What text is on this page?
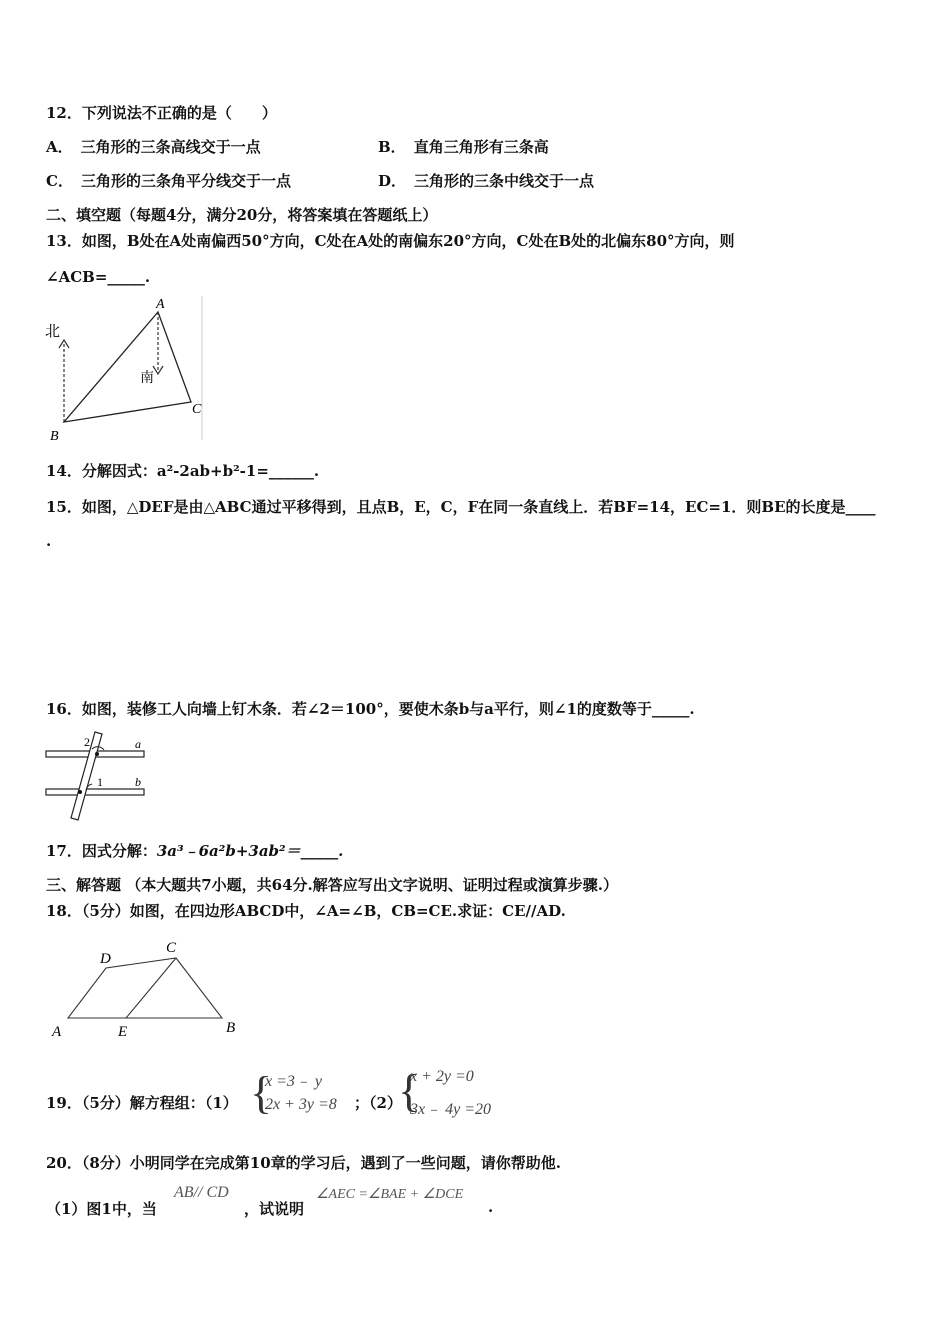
12．下列说法不正确的是（　　）
A． 三角形的三条高线交于一点	B． 直角三角形有三条高
C． 三角形的三条角平分线交于一点	D． 三角形的三条中线交于一点
二、填空题（每题4分，满分20分，将答案填在答题纸上）
13．如图，B处在A处南偏西50°方向，C处在A处的南偏东20°方向，C处在B处的北偏东80°方向，则
∠ACB=_____.
北
南
A
B
C
14．分解因式：a²-2ab+b²-1=______.
15．如图，△DEF是由△ABC通过平移得到，且点B，E，C，F在同一条直线上．若BF=14，EC=1．则BE的长度是____
.
16．如图，装修工人向墙上钉木条．若∠2＝100°，要使木条b与a平行，则∠1的度数等于_____.
2
1
a
b
17．因式分解：3a³﹣6a²b+3ab²＝_____.
三、解答题 （本大题共7小题，共64分.解答应写出文字说明、证明过程或演算步骤.）
18．（5分）如图，在四边形ABCD中，∠A=∠B，CB=CE.求证：CE//AD.
A	B
C
D
E
19．（5分）解方程组：（1） {
x =3﹣ y
2x + 3y =8 ；（2）
{
x + 2y =0
3x﹣ 4y =20
20．（8分）小明同学在完成第10章的学习后，遇到了一些问题，请你帮助他.
（1）图1中，当
AB// CD
，试说明
∠AEC =∠BAE + ∠DCE
.
